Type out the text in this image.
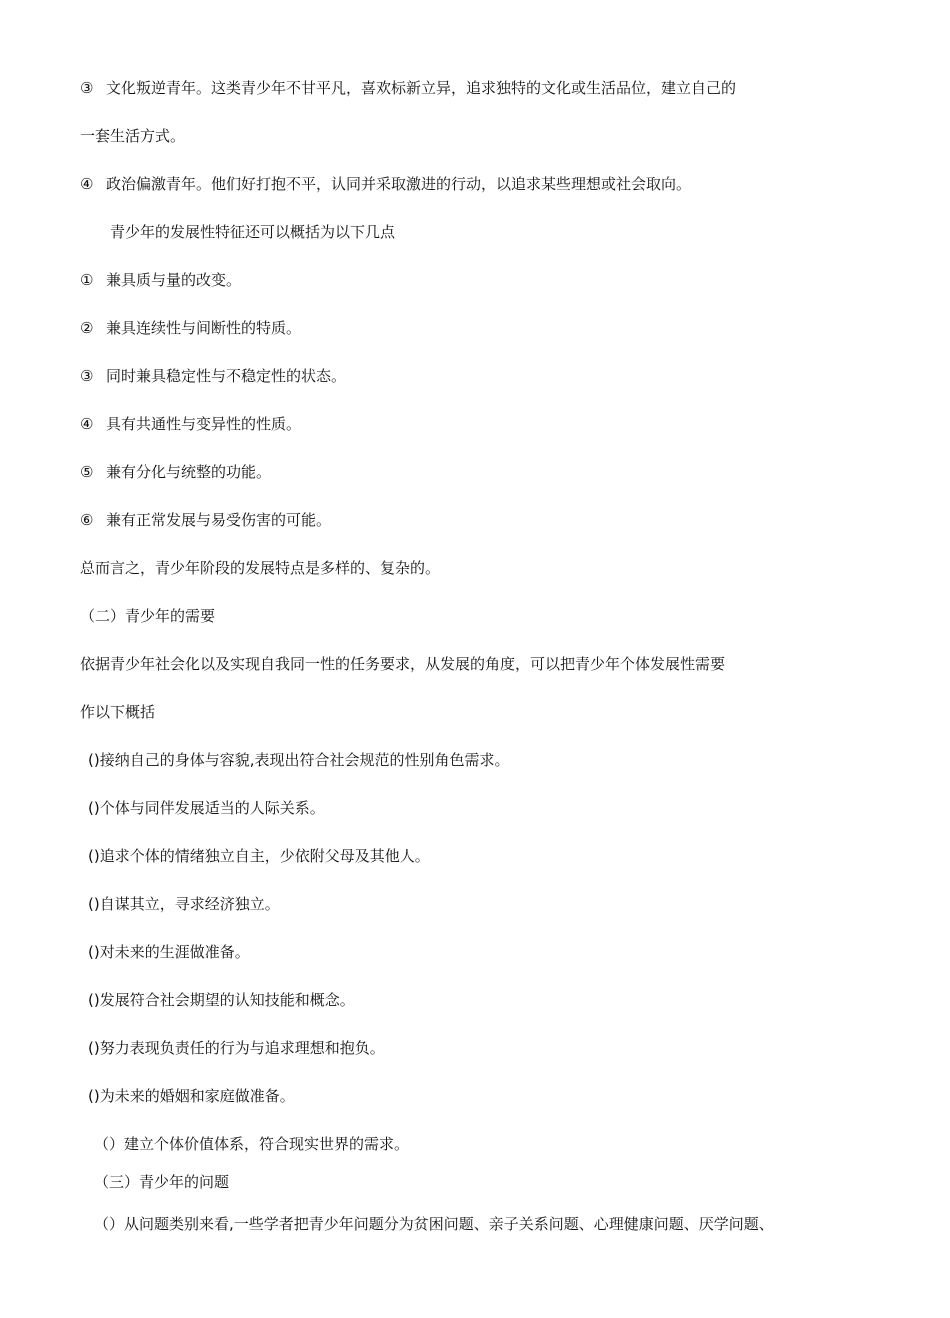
③ 文化叛逆青年。这类青少年不甘平凡，喜欢标新立异，追求独特的文化或生活品位，建立自己的

一套生活方式。

④ 政治偏激青年。他们好打抱不平，认同并采取激进的行动，以追求某些理想或社会取向。

青少年的发展性特征还可以概括为以下几点

① 兼具质与量的改变。

② 兼具连续性与间断性的特质。

③ 同时兼具稳定性与不稳定性的状态。

④ 具有共通性与变异性的性质。

⑤ 兼有分化与统整的功能。

⑥ 兼有正常发展与易受伤害的可能。

总而言之，青少年阶段的发展特点是多样的、复杂的。

（二）青少年的需要

依据青少年社会化以及实现自我同一性的任务要求，从发展的角度，可以把青少年个体发展性需要

作以下概括

()接纳自己的身体与容貌,表现出符合社会规范的性别角色需求。

()个体与同伴发展适当的人际关系。

()追求个体的情绪独立自主，少依附父母及其他人。

()自谋其立，寻求经济独立。

()对未来的生涯做准备。

()发展符合社会期望的认知技能和概念。

()努力表现负责任的行为与追求理想和抱负。

()为未来的婚姻和家庭做准备。

（）建立个体价值体系，符合现实世界的需求。

（三）青少年的问题

（）从问题类别来看,一些学者把青少年问题分为贫困问题、亲子关系问题、心理健康问题、厌学问题、
